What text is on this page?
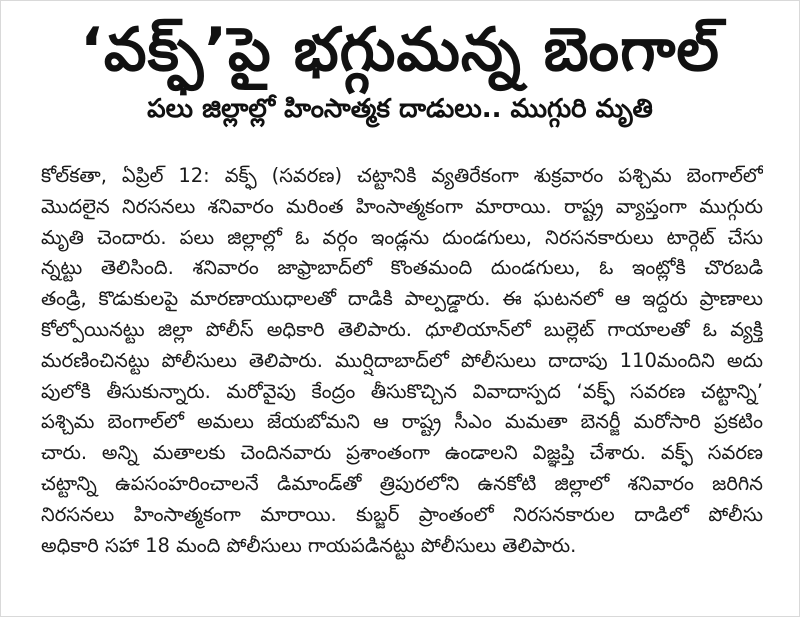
‘వక్ఫ్’పై భగ్గుమన్న బెంగాల్
పలు జిల్లాల్లో హింసాత్మక దాడులు.. ముగ్గురి మృతి
కోల్‌కతా, ఏప్రిల్ 12: వక్ఫ్ (సవరణ) చట్టానికి వ్యతిరేకంగా శుక్రవారం పశ్చిమ బెంగాల్‌లో
మొదలైన నిరసనలు శనివారం మరింత హింసాత్మకంగా మారాయి. రాష్ట్ర వ్యాప్తంగా ముగ్గురు
మృతి చెందారు. పలు జిల్లాల్లో ఓ వర్గం ఇండ్లను దుండగులు, నిరసనకారులు టార్గెట్ చేసు
న్నట్టు తెలిసింది. శనివారం జాఫ్రాబాద్‌లో కొంతమంది దుండగులు, ఓ ఇంట్లోకి చొరబడి
తండ్రి, కొడుకులపై మారణాయుధాలతో దాడికి పాల్పడ్డారు. ఈ ఘటనలో ఆ ఇద్దరు ప్రాణాలు
కోల్పోయినట్టు జిల్లా పోలీస్ అధికారి తెలిపారు. ధూలియాన్‌లో బుల్లెట్ గాయాలతో ఓ వ్యక్తి
మరణించినట్టు పోలీసులు తెలిపారు. ముర్షిదాబాద్‌లో పోలీసులు దాదాపు 110మందిని అదు
పులోకి తీసుకున్నారు. మరోవైపు కేంద్రం తీసుకొచ్చిన వివాదాస్పద ‘వక్ఫ్ సవరణ చట్టాన్ని’
పశ్చిమ బెంగాల్‌లో అమలు జేయబోమని ఆ రాష్ట్ర సీఎం మమతా బెనర్జీ మరోసారి ప్రకటిం
చారు. అన్ని మతాలకు చెందినవారు ప్రశాంతంగా ఉండాలని విజ్ఞప్తి చేశారు. వక్ఫ్ సవరణ
చట్టాన్ని ఉపసంహరించాలనే డిమాండ్‌తో త్రిపురలోని ఉనకోటి జిల్లాలో శనివారం జరిగిన
నిరసనలు హింసాత్మకంగా మారాయి. కుబ్జర్ ప్రాంతంలో నిరసనకారుల దాడిలో పోలీసు
అధికారి సహా 18 మంది పోలీసులు గాయపడినట్టు పోలీసులు తెలిపారు.
